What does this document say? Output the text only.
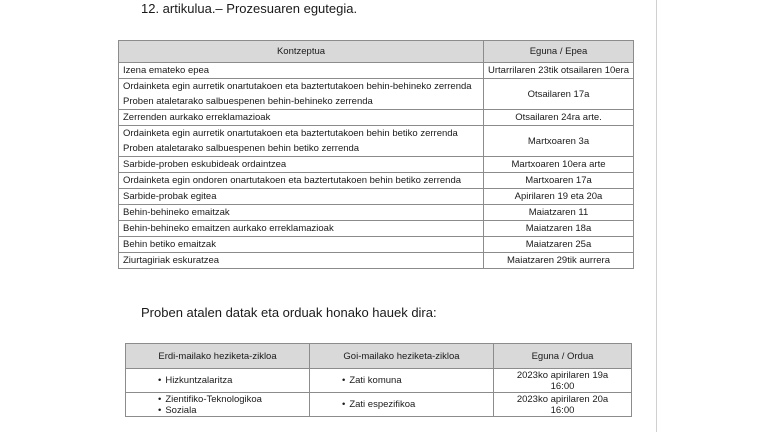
12. artikulua.– Prozesuaren egutegia.
Kontzeptua	Eguna / Epea

Izena emateko epea	Urtarrilaren 23tik otsailaren 10era

Ordainketa egin aurretik onartutakoen eta baztertutakoen behin-behineko zerrenda
Proben ataletarako salbuespenen behin-behineko zerrenda	Otsailaren 17a

Zerrenden aurkako erreklamazioak	Otsailaren 24ra arte.

Ordainketa egin aurretik onartutakoen eta baztertutakoen behin betiko zerrenda
Proben ataletarako salbuespenen behin betiko zerrenda	Martxoaren 3a

Sarbide-proben eskubideak ordaintzea	Martxoaren 10era arte

Ordainketa egin ondoren onartutakoen eta baztertutakoen behin betiko zerrenda	Martxoaren 17a

Sarbide-probak egitea	Apirilaren 19 eta 20a

Behin-behineko emaitzak	Maiatzaren 11

Behin-behineko emaitzen aurkako erreklamazioak	Maiatzaren 18a

Behin betiko emaitzak	Maiatzaren 25a

Ziurtagiriak eskuratzea	Maiatzaren 29tik aurrera
Proben atalen datak eta orduak honako hauek dira:
Erdi-mailako heziketa-zikloa	Goi-mailako heziketa-zikloa	Eguna / Ordua

• Hizkuntzalaritza	• Zati komuna	2023ko apirilaren 19a
16:00

• Zientifiko-Teknologikoa
• Soziala	• Zati espezifikoa	2023ko apirilaren 20a
16:00
